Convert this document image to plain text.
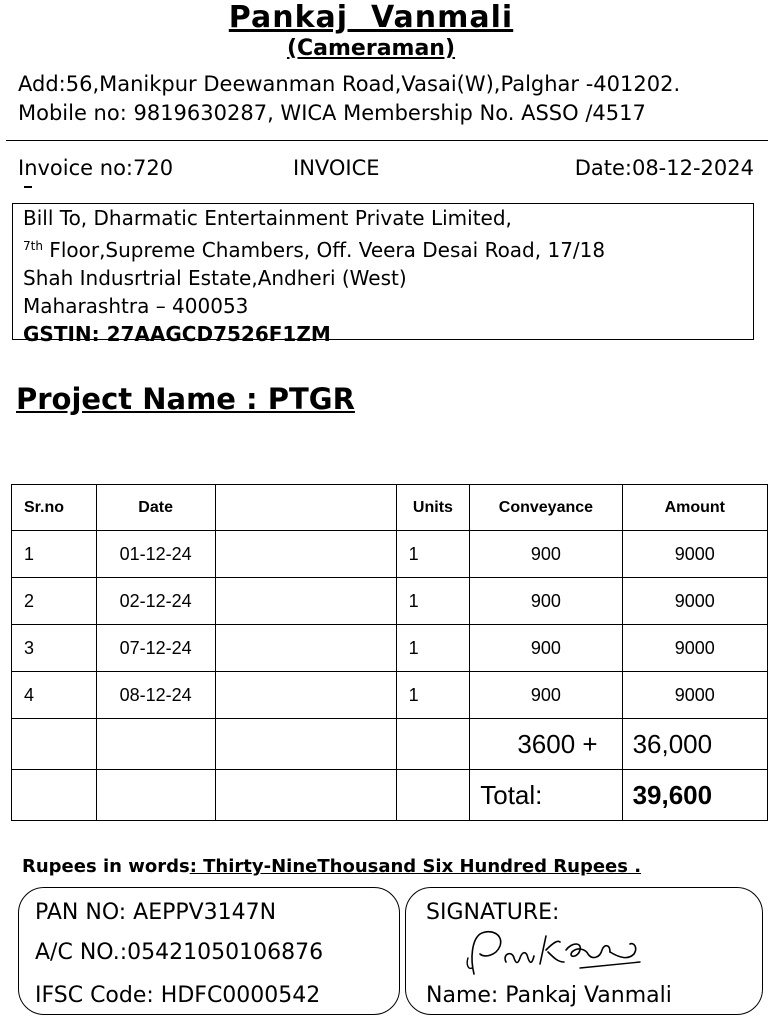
Pankaj  Vanmali
(Cameraman)
Add:56,Manikpur Deewanman Road,Vasai(W),Palghar -401202.
Mobile no: 9819630287, WICA Membership No. ASSO /4517
Invoice no:720	INVOICE	Date:08-12-2024
Bill To, Dharmatic Entertainment Private Limited,
$^{7th}$ Floor,Supreme Chambers, Off. Veera Desai Road, 17/18
Shah Indusrtrial Estate,Andheri (West)
Maharashtra – 400053
GSTIN: 27AAGCD7526F1ZM
Project Name : PTGR
Sr.no	Date		Units	Conveyance	Amount
1	01-12-24		1	900	9000
2	02-12-24		1	900	9000
3	07-12-24		1	900	9000
4	08-12-24		1	900	9000
				3600 +	36,000
				Total:	39,600
Rupees in words: Thirty-NineThousand Six Hundred Rupees .
PAN NO: AEPPV3147N
A/C NO.:05421050106876
IFSC Code: HDFC0000542
SIGNATURE:
Name: Pankaj Vanmali
